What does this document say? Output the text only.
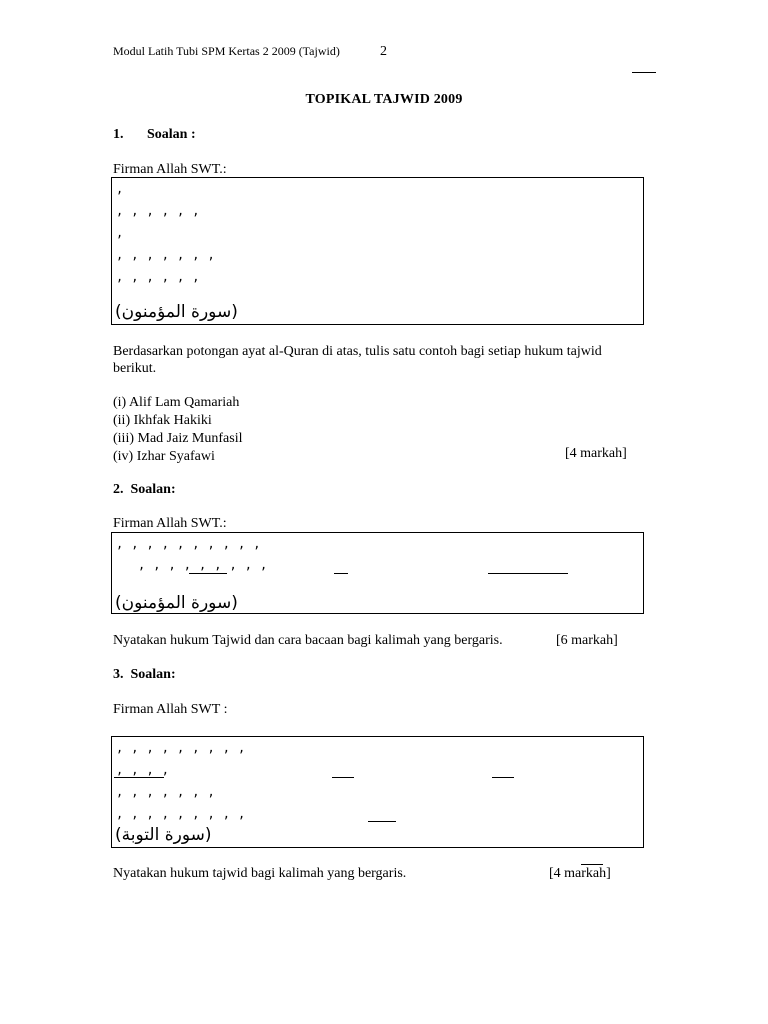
Modul Latih Tubi SPM Kertas 2 2009 (Tajwid)	2
TOPIKAL TAJWID 2009
1. Soalan :
Firman Allah SWT.:
,
, , , , , ,
,
, , , , , , ,
, , , , , ,
(سورة المؤمنون)
Berdasarkan potongan ayat al-Quran di atas, tulis satu contoh bagi setiap hukum tajwid berikut.
(i) Alif Lam Qamariah
(ii) Ikhfak Hakiki
(iii) Mad Jaiz Munfasil
(iv) Izhar Syafawi	[4 markah]
2. Soalan:
Firman Allah SWT.:
, , , , , , , , , ,
, , , , , , , , ,
(سورة المؤمنون)
Nyatakan hukum Tajwid dan cara bacaan bagi kalimah yang bergaris.	[6 markah]
3. Soalan:
Firman Allah SWT :
, , , , , , , , ,
, , , ,
, , , , , , ,
, , , , , , , , ,
(سورة التوبة)
Nyatakan hukum tajwid bagi kalimah yang bergaris.	[4 markah]
